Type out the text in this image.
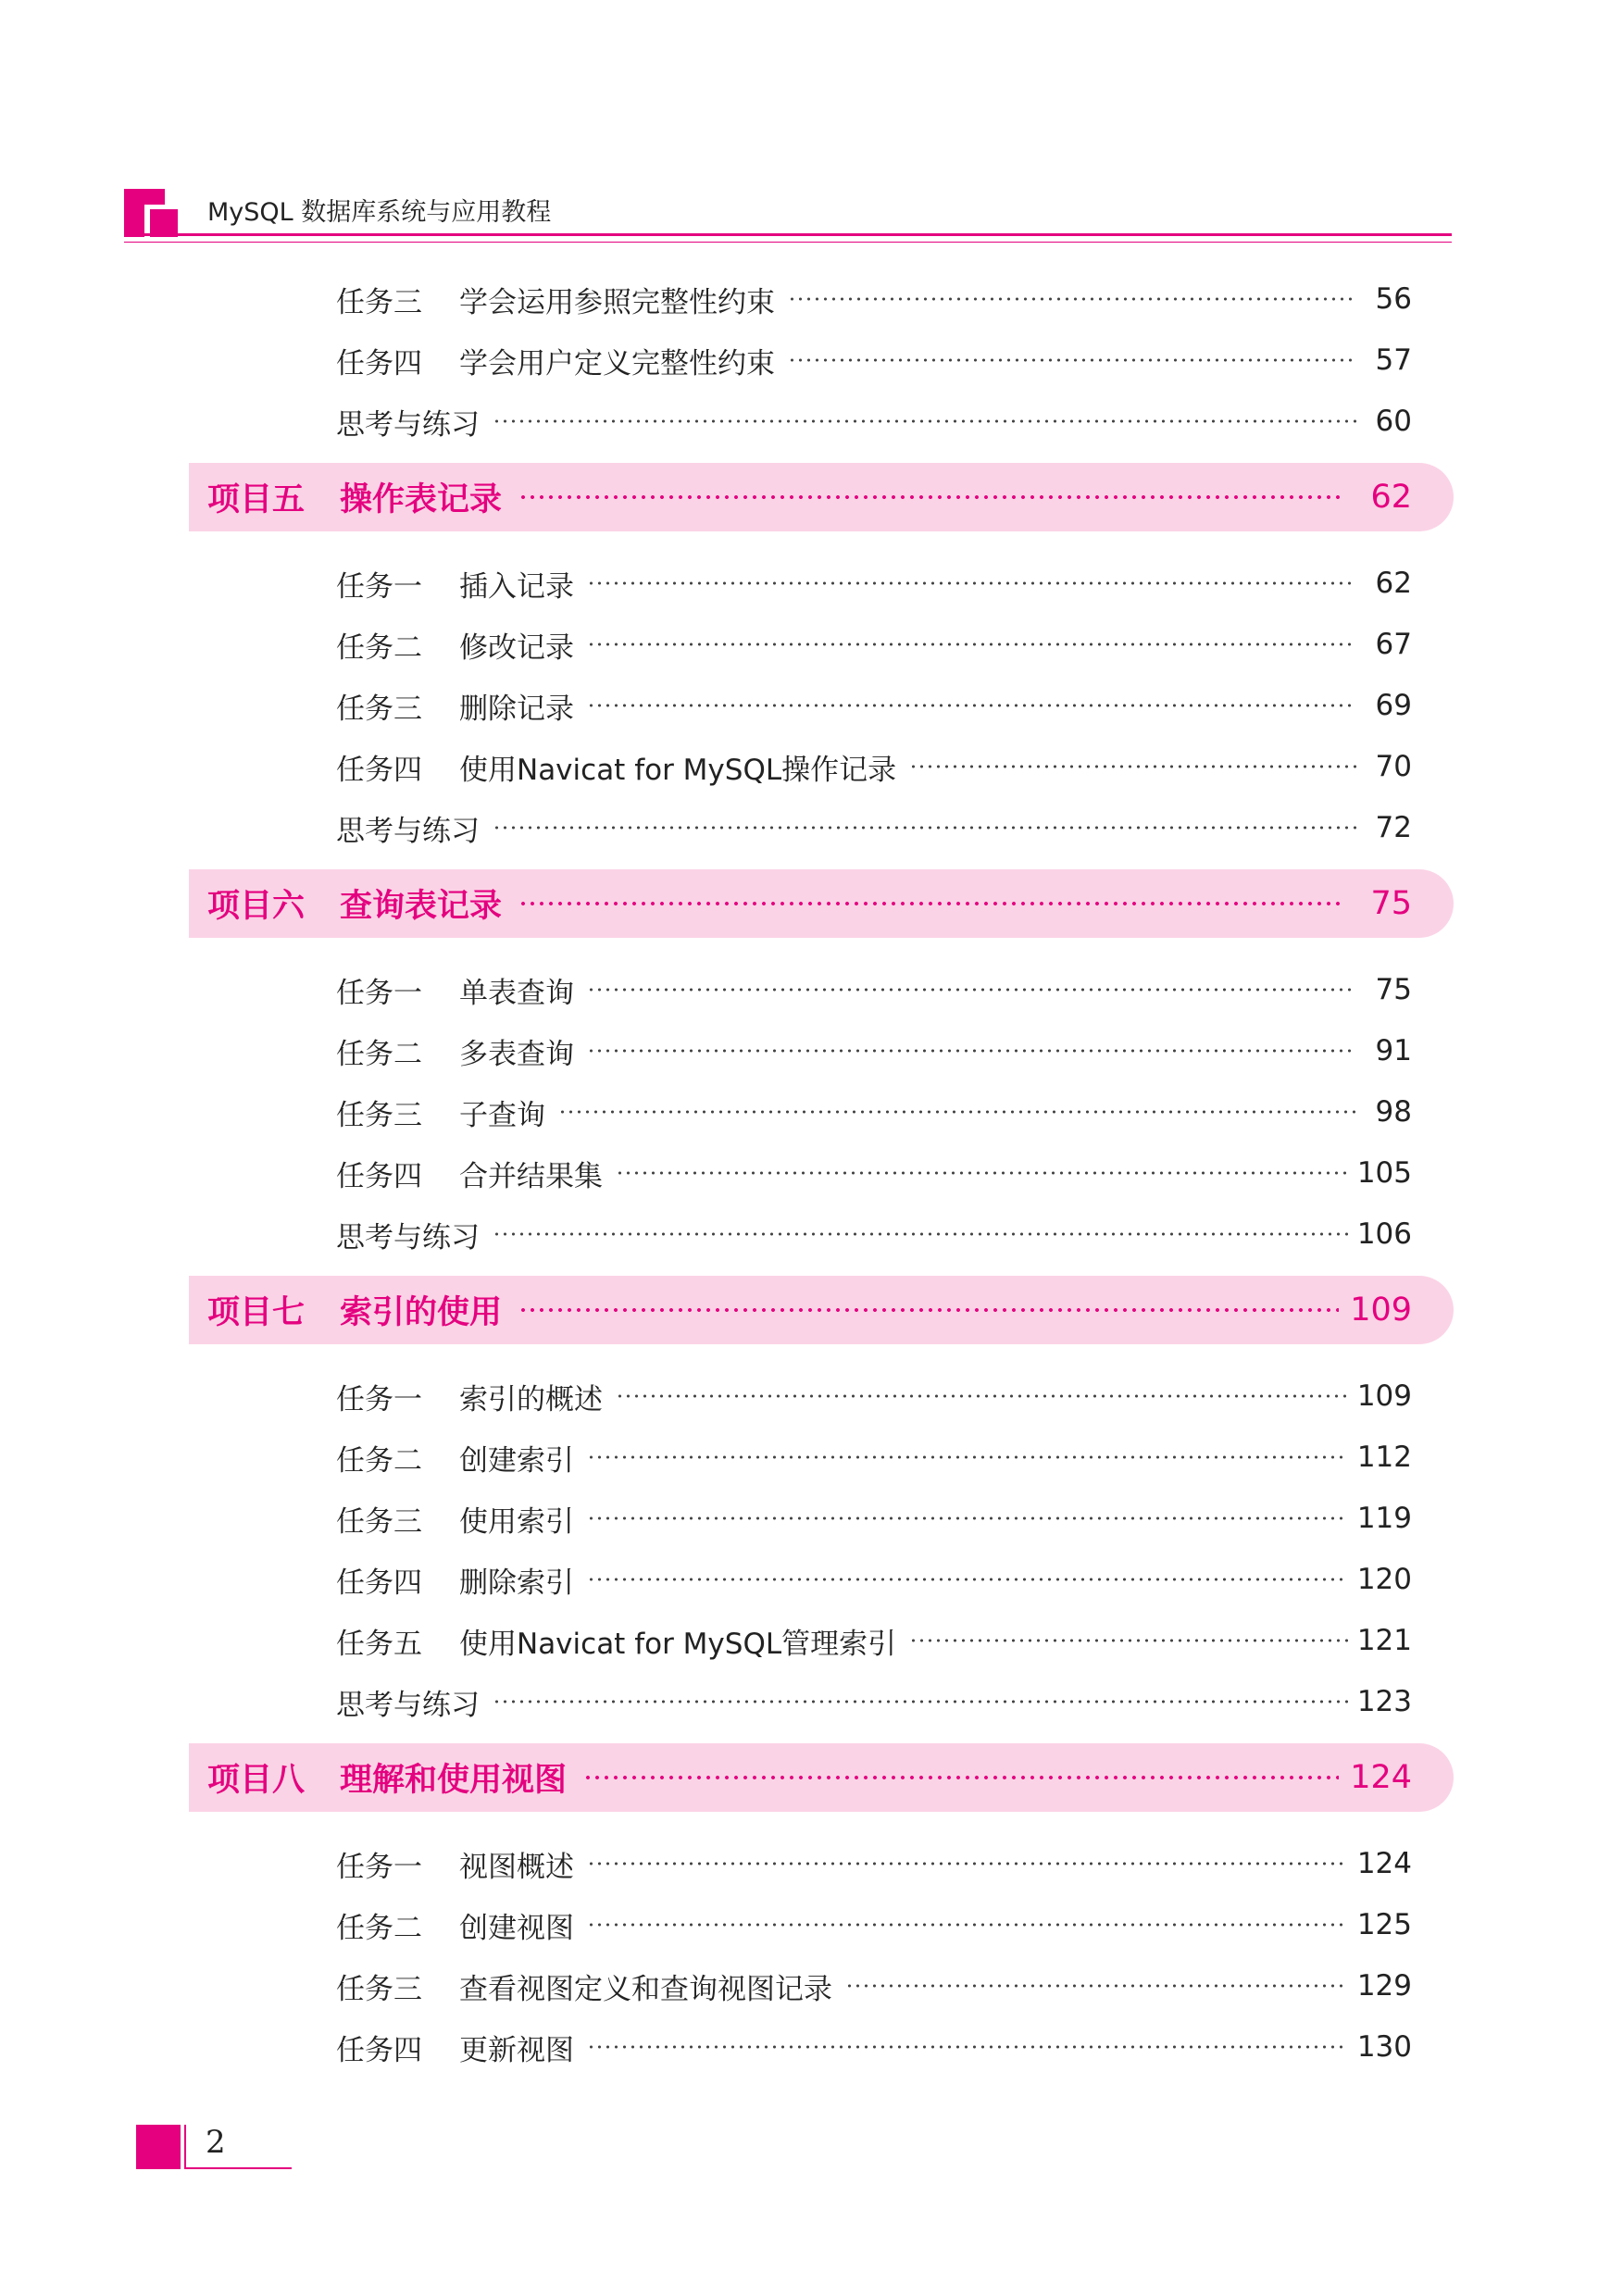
MySQL 数据库系统与应用教程
任务三	学会运用参照完整性约束	56
任务四	学会用户定义完整性约束	57
思考与练习	60
项目五	操作表记录	62
任务一	插入记录	62
任务二	修改记录	67
任务三	删除记录	69
任务四	使用Navicat for MySQL操作记录	70
思考与练习	72
项目六	查询表记录	75
任务一	单表查询	75
任务二	多表查询	91
任务三	子查询	98
任务四	合并结果集	105
思考与练习	106
项目七	索引的使用	109
任务一	索引的概述	109
任务二	创建索引	112
任务三	使用索引	119
任务四	删除索引	120
任务五	使用Navicat for MySQL管理索引	121
思考与练习	123
项目八	理解和使用视图	124
任务一	视图概述	124
任务二	创建视图	125
任务三	查看视图定义和查询视图记录	129
任务四	更新视图	130
2
